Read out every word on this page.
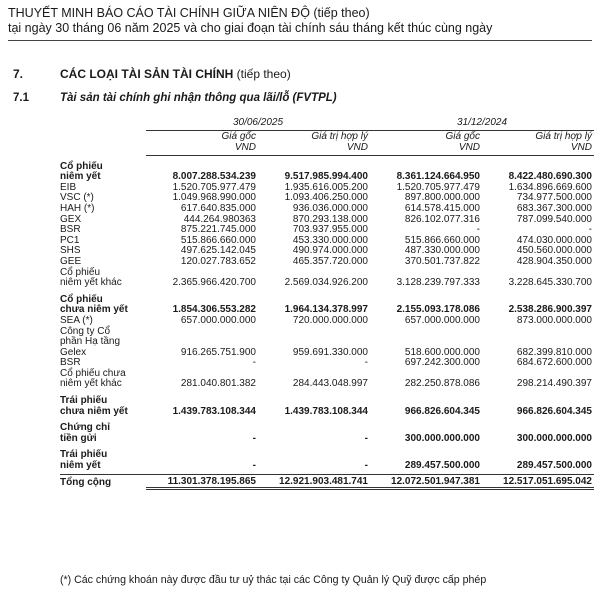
THUYẾT MINH BÁO CÁO TÀI CHÍNH GIỮA NIÊN ĐỘ (tiếp theo)
tại ngày 30 tháng 06 năm 2025 và cho giai đoạn tài chính sáu tháng kết thúc cùng ngày
7.	CÁC LOẠI TÀI SẢN TÀI CHÍNH (tiếp theo)
7.1	Tài sản tài chính ghi nhận thông qua lãi/lỗ (FVTPL)
	30/06/2025		31/12/2024	
	Giá gốc	Giá trị hợp lý	Giá gốc	Giá trị hợp lý
	VND	VND	VND	VND

Cổ phiếu				
niêm yết	8.007.288.534.239	9.517.985.994.400	8.361.124.664.950	8.422.480.690.300
EIB	1.520.705.977.479	1.935.616.005.200	1.520.705.977.479	1.634.896.669.600
VSC (*)	1.049.968.990.000	1.093.406.250.000	897.800.000.000	734.977.500.000
HAH (*)	617.640.835.000	936.036.000.000	614.578.415.000	683.367.300.000
GEX	444.264.980363	870.293.138.000	826.102.077.316	787.099.540.000
BSR	875.221.745.000	703.937.955.000	-	-
PC1	515.866.660.000	453.330.000.000	515.866.660.000	474.030.000.000
SHS	497.625.142.045	490.974.000.000	487.330.000.000	450.560.000.000
GEE	120.027.783.652	465.357.720.000	370.501.737.822	428.904.350.000
Cổ phiếu				
niêm yết khác	2.365.966.420.700	2.569.034.926.200	3.128.239.797.333	3.228.645.330.700

Cổ phiếu				
chưa niêm yết	1.854.306.553.282	1.964.134.378.997	2.155.093.178.086	2.538.286.900.397
SEA (*)	657.000.000.000	720.000.000.000	657.000.000.000	873.000.000.000
Công ty Cổ				
phần Hạ tầng				
Gelex	916.265.751.900	959.691.330.000	518.600.000.000	682.399.810.000
BSR	-	-	697.242.300.000	684.672.600.000
Cổ phiếu chưa				
niêm yết khác	281.040.801.382	284.443.048.997	282.250.878.086	298.214.490.397

Trái phiếu				
chưa niêm yết	1.439.783.108.344	1.439.783.108.344	966.826.604.345	966.826.604.345

Chứng chỉ				
tiền gửi	-	-	300.000.000.000	300.000.000.000

Trái phiếu				
niêm yết	-	-	289.457.500.000	289.457.500.000

Tổng cộng	11.301.378.195.865	12.921.903.481.741	12.072.501.947.381	12.517.051.695.042
(*) Các chứng khoán này được đầu tư uỷ thác tại các Công ty Quản lý Quỹ được cấp phép
